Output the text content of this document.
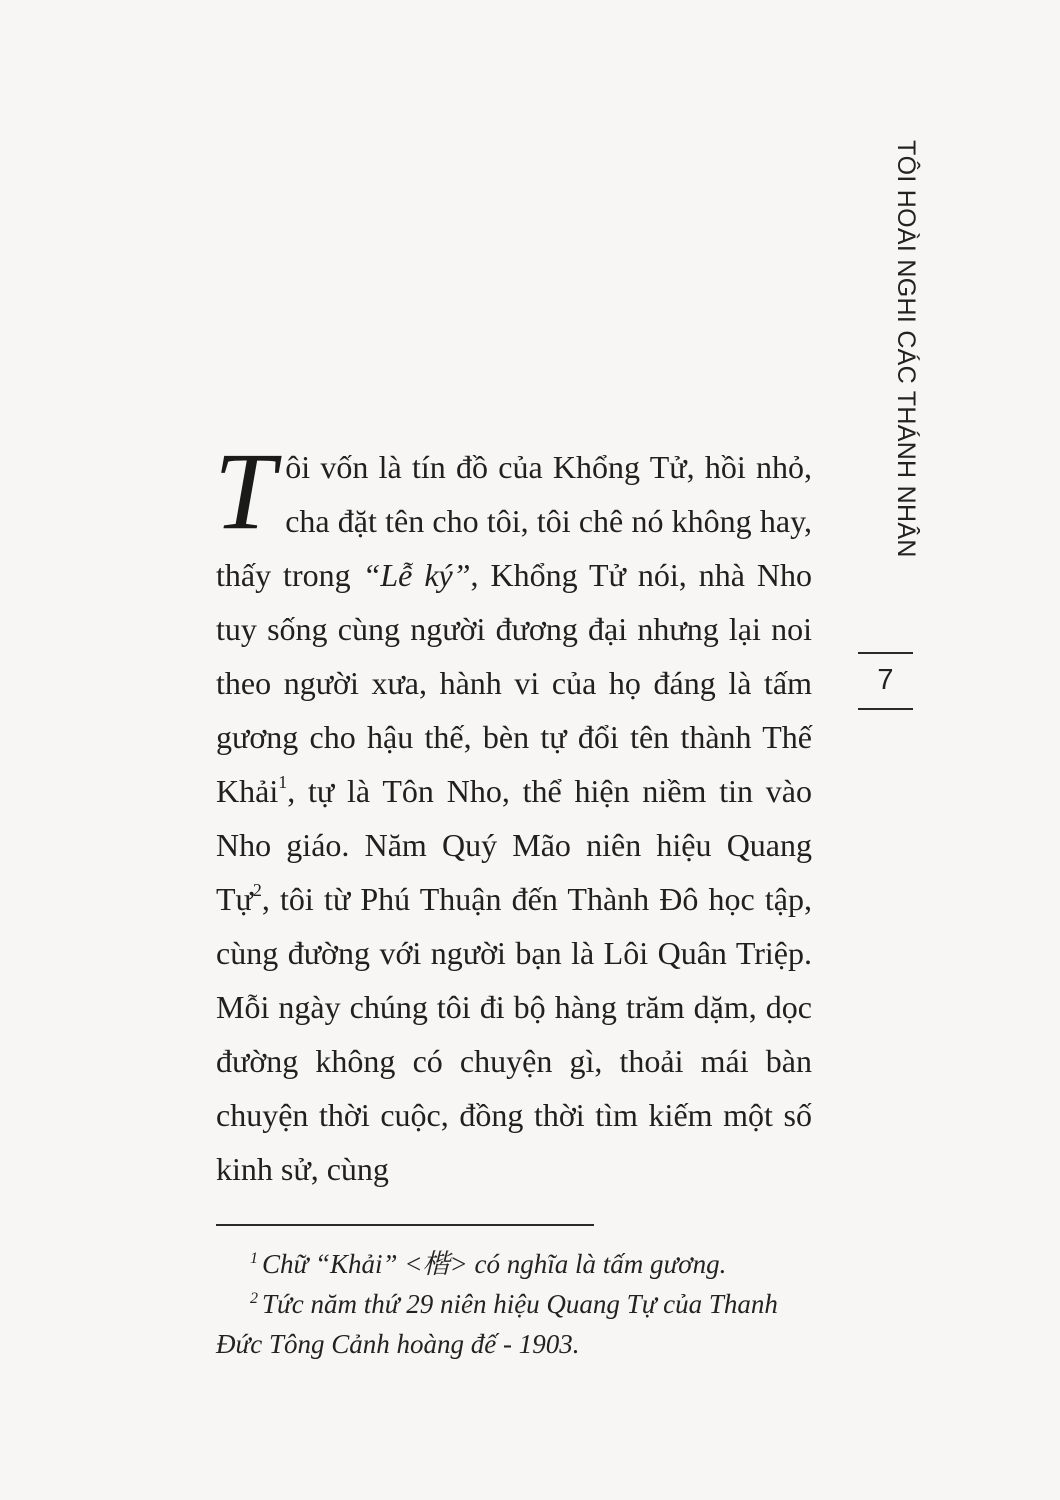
TÔI HOÀI NGHI CÁC THÁNH NHÂN
7
Tôi vốn là tín đồ của Khổng Tử, hồi nhỏ, cha đặt tên cho tôi, tôi chê nó không hay, thấy trong “Lễ ký”, Khổng Tử nói, nhà Nho tuy sống cùng người đương đại nhưng lại noi theo người xưa, hành vi của họ đáng là tấm gương cho hậu thế, bèn tự đổi tên thành Thế Khải$^1$, tự là Tôn Nho, thể hiện niềm tin vào Nho giáo. Năm Quý Mão niên hiệu Quang Tự$^2$, tôi từ Phú Thuận đến Thành Đô học tập, cùng đường với người bạn là Lôi Quân Triệp. Mỗi ngày chúng tôi đi bộ hàng trăm dặm, dọc đường không có chuyện gì, thoải mái bàn chuyện thời cuộc, đồng thời tìm kiếm một số kinh sử, cùng

$^1$ Chữ “Khải” <楷> có nghĩa là tấm gương.

$^2$ Tức năm thứ 29 niên hiệu Quang Tự của Thanh Đức Tông Cảnh hoàng đế - 1903.
